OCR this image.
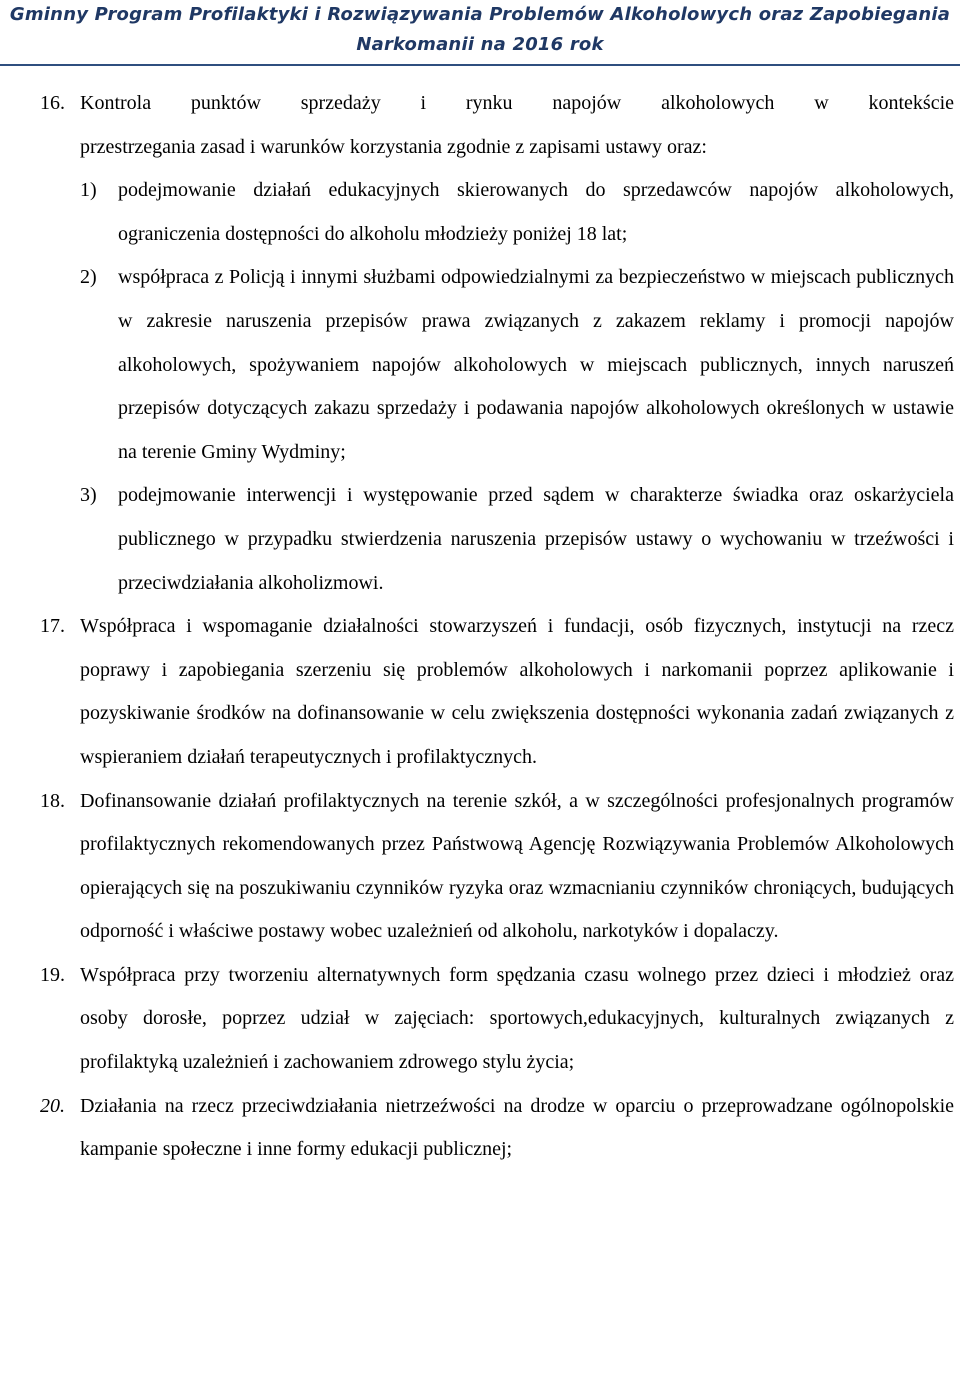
Gminny Program Profilaktyki i Rozwiązywania Problemów Alkoholowych oraz Zapobiegania
Narkomanii na 2016 rok
16. Kontrola punktów sprzedaży i rynku napojów alkoholowych w kontekście
przestrzegania zasad i warunków korzystania zgodnie z zapisami ustawy oraz:
1) podejmowanie działań edukacyjnych skierowanych do sprzedawców napojów alkoholowych, ograniczenia dostępności do alkoholu młodzieży poniżej 18 lat;
2) współpraca z Policją i innymi służbami odpowiedzialnymi za bezpieczeństwo w miejscach publicznych w zakresie naruszenia przepisów prawa związanych z zakazem reklamy i promocji napojów alkoholowych, spożywaniem napojów alkoholowych w miejscach publicznych, innych naruszeń przepisów dotyczących zakazu sprzedaży i podawania napojów alkoholowych określonych w ustawie na terenie Gminy Wydminy;
3) podejmowanie interwencji i występowanie przed sądem w charakterze świadka oraz oskarżyciela publicznego w przypadku stwierdzenia naruszenia przepisów ustawy o wychowaniu w trzeźwości i przeciwdziałania alkoholizmowi.
17. Współpraca i wspomaganie działalności stowarzyszeń i fundacji, osób fizycznych, instytucji na rzecz poprawy i zapobiegania szerzeniu się problemów alkoholowych i narkomanii poprzez aplikowanie i pozyskiwanie środków na dofinansowanie w celu zwiększenia dostępności wykonania zadań związanych z wspieraniem działań terapeutycznych i profilaktycznych.
18. Dofinansowanie działań profilaktycznych na terenie szkół, a w szczególności profesjonalnych programów profilaktycznych rekomendowanych przez Państwową Agencję Rozwiązywania Problemów Alkoholowych opierających się na poszukiwaniu czynników ryzyka oraz wzmacnianiu czynników chroniących, budujących odporność i właściwe postawy wobec uzależnień od alkoholu, narkotyków i dopalaczy.
19. Współpraca przy tworzeniu alternatywnych form spędzania czasu wolnego przez dzieci i młodzież oraz osoby dorosłe, poprzez udział w zajęciach: sportowych,edukacyjnych, kulturalnych związanych z profilaktyką uzależnień i zachowaniem zdrowego stylu życia;
20. Działania na rzecz przeciwdziałania nietrzeźwości na drodze w oparciu o przeprowadzane ogólnopolskie kampanie społeczne i inne formy edukacji publicznej;
